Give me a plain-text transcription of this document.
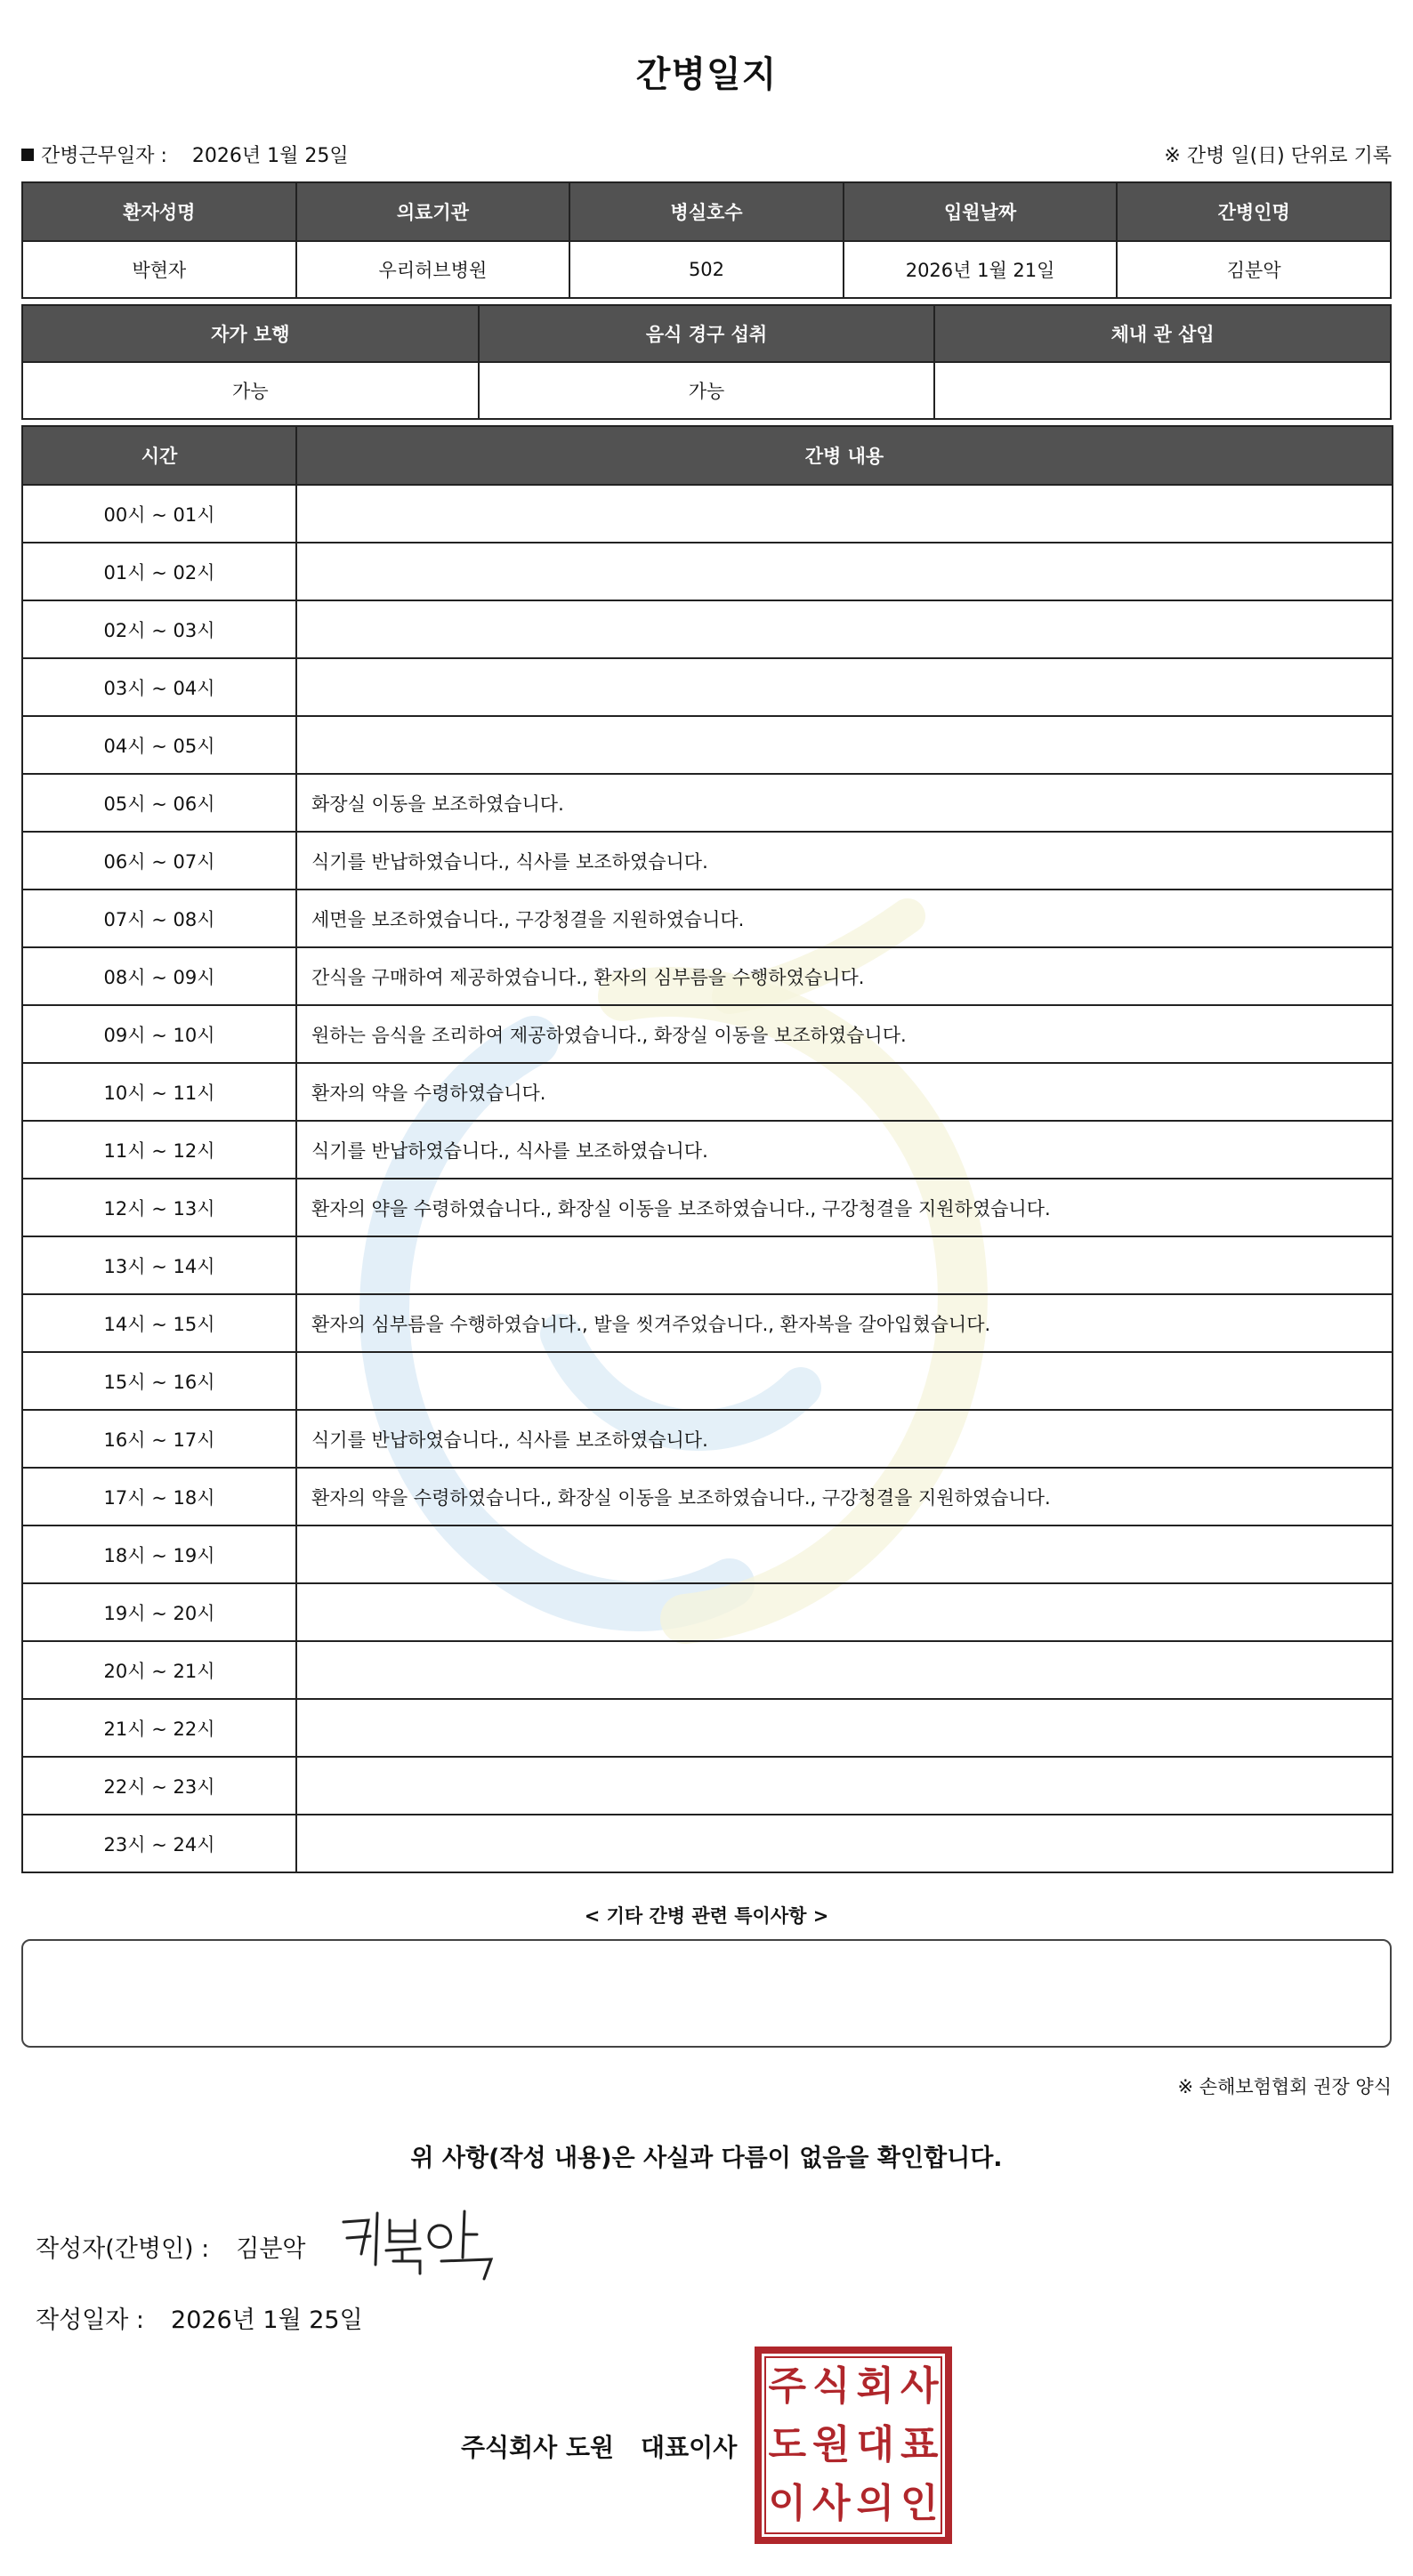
간병일지
간병근무일자 : 2026년 1월 25일	※ 간병 일(日) 단위로 기록
환자성명	의료기관	병실호수	입원날짜	간병인명
박현자	우리허브병원	502	2026년 1월 21일	김분악
자가 보행	음식 경구 섭취	체내 관 삽입
가능	가능	
시간	간병 내용
00시 ~ 01시	
01시 ~ 02시	
02시 ~ 03시	
03시 ~ 04시	
04시 ~ 05시	
05시 ~ 06시	화장실 이동을 보조하였습니다.
06시 ~ 07시	식기를 반납하였습니다., 식사를 보조하였습니다.
07시 ~ 08시	세면을 보조하였습니다., 구강청결을 지원하였습니다.
08시 ~ 09시	간식을 구매하여 제공하였습니다., 환자의 심부름을 수행하였습니다.
09시 ~ 10시	원하는 음식을 조리하여 제공하였습니다., 화장실 이동을 보조하였습니다.
10시 ~ 11시	환자의 약을 수령하였습니다.
11시 ~ 12시	식기를 반납하였습니다., 식사를 보조하였습니다.
12시 ~ 13시	환자의 약을 수령하였습니다., 화장실 이동을 보조하였습니다., 구강청결을 지원하였습니다.
13시 ~ 14시	
14시 ~ 15시	환자의 심부름을 수행하였습니다., 발을 씻겨주었습니다., 환자복을 갈아입혔습니다.
15시 ~ 16시	
16시 ~ 17시	식기를 반납하였습니다., 식사를 보조하였습니다.
17시 ~ 18시	환자의 약을 수령하였습니다., 화장실 이동을 보조하였습니다., 구강청결을 지원하였습니다.
18시 ~ 19시	
19시 ~ 20시	
20시 ~ 21시	
21시 ~ 22시	
22시 ~ 23시	
23시 ~ 24시	
< 기타 간병 관련 특이사항 >
※ 손해보험협회 권장 양식
위 사항(작성 내용)은 사실과 다름이 없음을 확인합니다.
작성자(간병인) : 김분악
작성일자 : 2026년 1월 25일
주식회사 도원 대표이사
주 식 회 사
도 원 대 표
이 사 의 인
